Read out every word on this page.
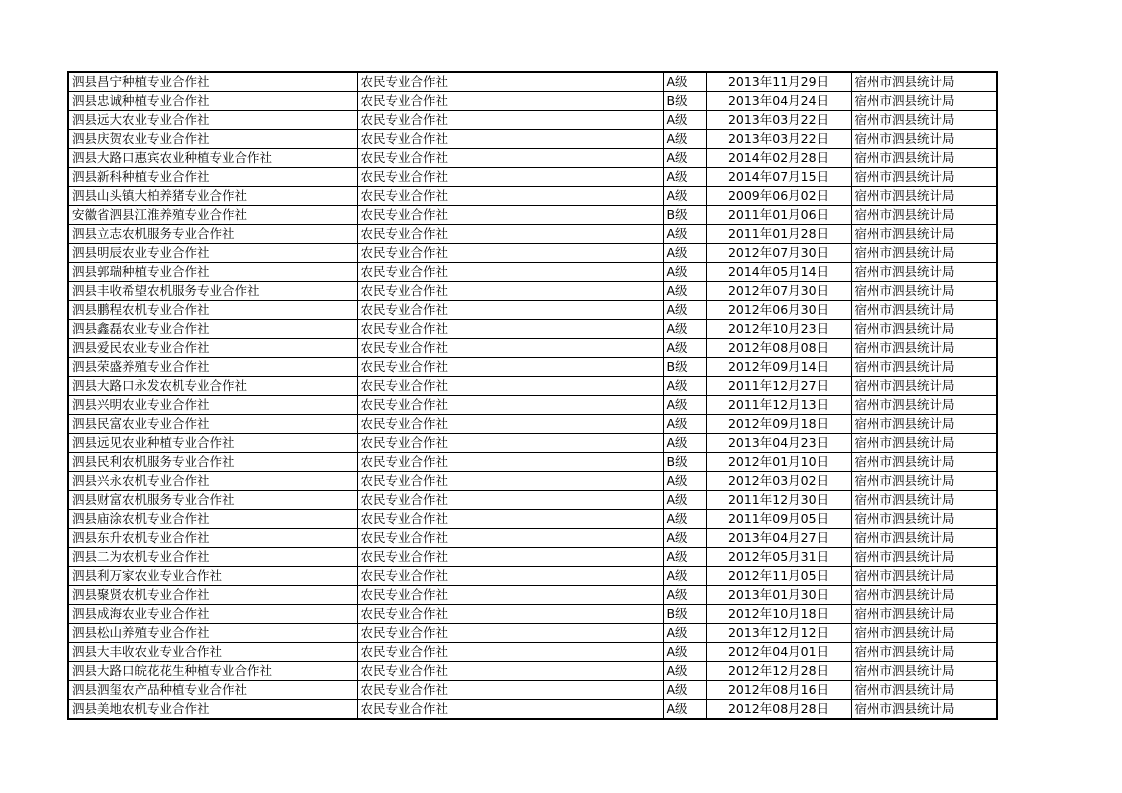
泗县昌宁种植专业合作社	农民专业合作社	A级	2013年11月29日	宿州市泗县统计局
泗县忠诚种植专业合作社	农民专业合作社	B级	2013年04月24日	宿州市泗县统计局
泗县远大农业专业合作社	农民专业合作社	A级	2013年03月22日	宿州市泗县统计局
泗县庆贺农业专业合作社	农民专业合作社	A级	2013年03月22日	宿州市泗县统计局
泗县大路口惠宾农业种植专业合作社	农民专业合作社	A级	2014年02月28日	宿州市泗县统计局
泗县新科种植专业合作社	农民专业合作社	A级	2014年07月15日	宿州市泗县统计局
泗县山头镇大柏养猪专业合作社	农民专业合作社	A级	2009年06月02日	宿州市泗县统计局
安徽省泗县江淮养殖专业合作社	农民专业合作社	B级	2011年01月06日	宿州市泗县统计局
泗县立志农机服务专业合作社	农民专业合作社	A级	2011年01月28日	宿州市泗县统计局
泗县明辰农业专业合作社	农民专业合作社	A级	2012年07月30日	宿州市泗县统计局
泗县郭瑞种植专业合作社	农民专业合作社	A级	2014年05月14日	宿州市泗县统计局
泗县丰收希望农机服务专业合作社	农民专业合作社	A级	2012年07月30日	宿州市泗县统计局
泗县鹏程农机专业合作社	农民专业合作社	A级	2012年06月30日	宿州市泗县统计局
泗县鑫磊农业专业合作社	农民专业合作社	A级	2012年10月23日	宿州市泗县统计局
泗县爱民农业专业合作社	农民专业合作社	A级	2012年08月08日	宿州市泗县统计局
泗县荣盛养殖专业合作社	农民专业合作社	B级	2012年09月14日	宿州市泗县统计局
泗县大路口永发农机专业合作社	农民专业合作社	A级	2011年12月27日	宿州市泗县统计局
泗县兴明农业专业合作社	农民专业合作社	A级	2011年12月13日	宿州市泗县统计局
泗县民富农业专业合作社	农民专业合作社	A级	2012年09月18日	宿州市泗县统计局
泗县远见农业种植专业合作社	农民专业合作社	A级	2013年04月23日	宿州市泗县统计局
泗县民利农机服务专业合作社	农民专业合作社	B级	2012年01月10日	宿州市泗县统计局
泗县兴永农机专业合作社	农民专业合作社	A级	2012年03月02日	宿州市泗县统计局
泗县财富农机服务专业合作社	农民专业合作社	A级	2011年12月30日	宿州市泗县统计局
泗县庙涂农机专业合作社	农民专业合作社	A级	2011年09月05日	宿州市泗县统计局
泗县东升农机专业合作社	农民专业合作社	A级	2013年04月27日	宿州市泗县统计局
泗县二为农机专业合作社	农民专业合作社	A级	2012年05月31日	宿州市泗县统计局
泗县利万家农业专业合作社	农民专业合作社	A级	2012年11月05日	宿州市泗县统计局
泗县聚贤农机专业合作社	农民专业合作社	A级	2013年01月30日	宿州市泗县统计局
泗县成海农业专业合作社	农民专业合作社	B级	2012年10月18日	宿州市泗县统计局
泗县松山养殖专业合作社	农民专业合作社	A级	2013年12月12日	宿州市泗县统计局
泗县大丰收农业专业合作社	农民专业合作社	A级	2012年04月01日	宿州市泗县统计局
泗县大路口皖花花生种植专业合作社	农民专业合作社	A级	2012年12月28日	宿州市泗县统计局
泗县泗玺农产品种植专业合作社	农民专业合作社	A级	2012年08月16日	宿州市泗县统计局
泗县美地农机专业合作社	农民专业合作社	A级	2012年08月28日	宿州市泗县统计局
